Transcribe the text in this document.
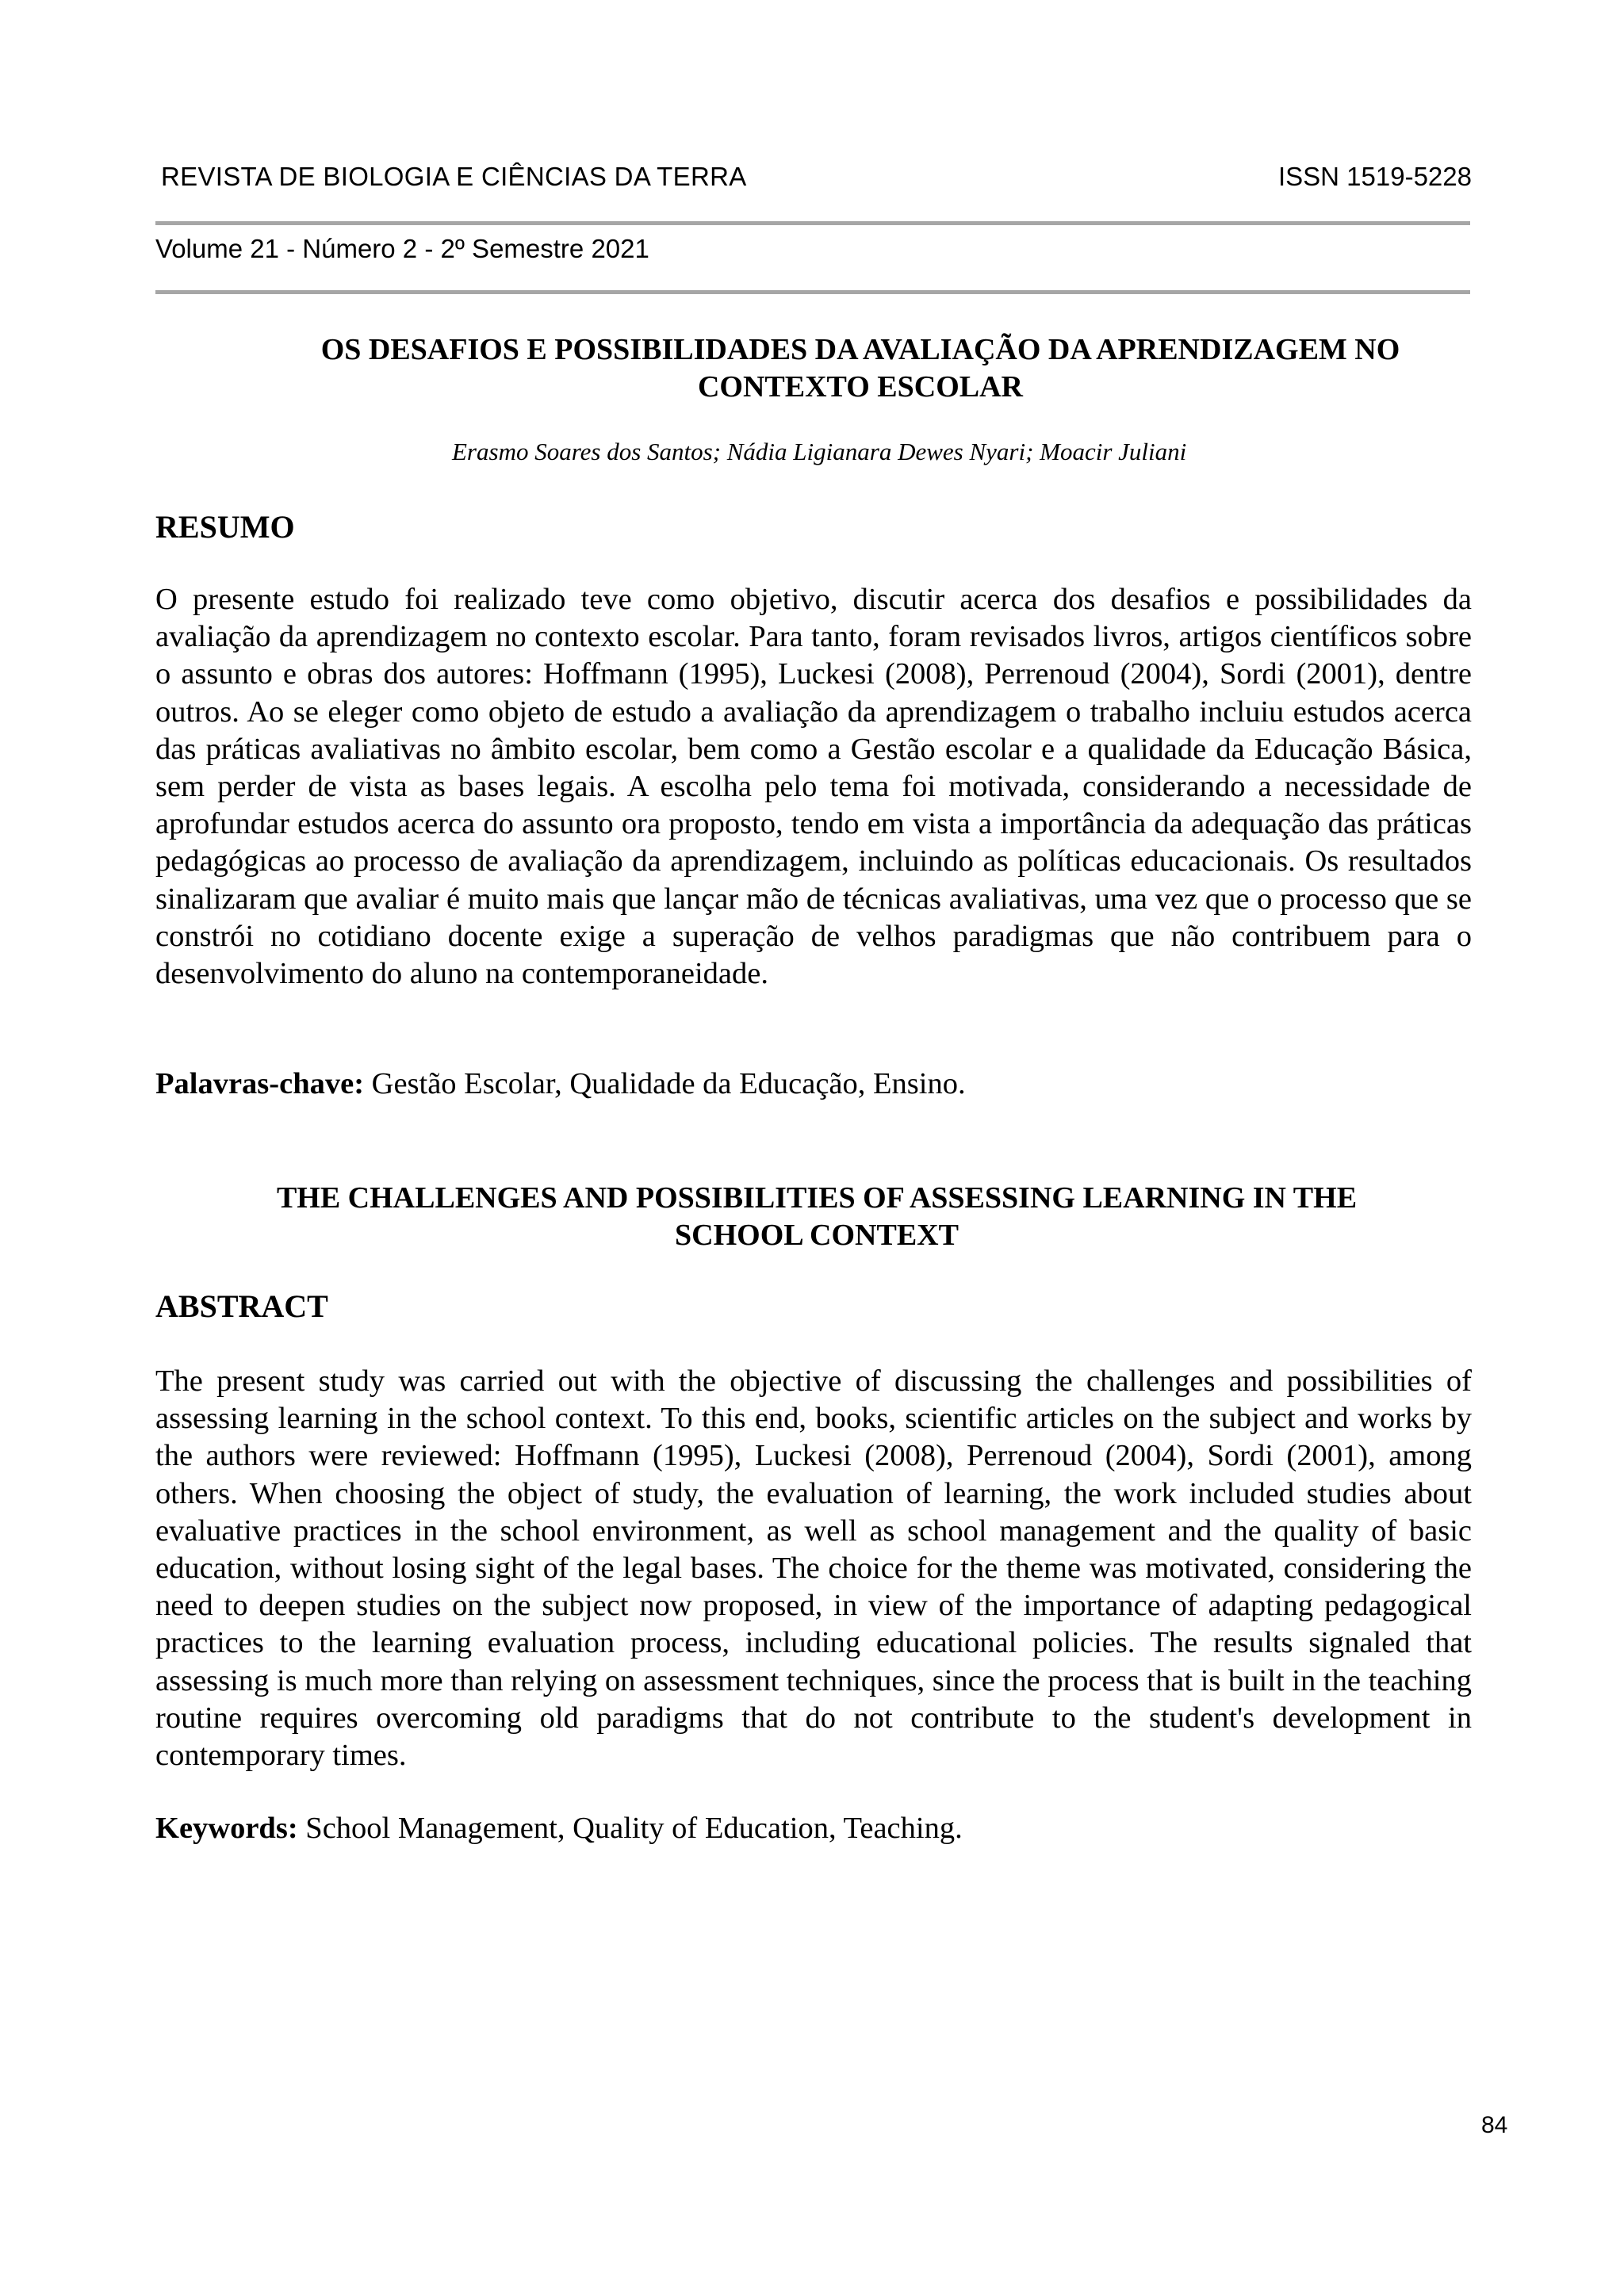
REVISTA DE BIOLOGIA E CIÊNCIAS DA TERRA	ISSN 1519-5228
Volume 21 - Número 2 - 2º Semestre 2021
OS DESAFIOS E POSSIBILIDADES DA AVALIAÇÃO DA APRENDIZAGEM NO
CONTEXTO ESCOLAR
Erasmo Soares dos Santos; Nádia Ligianara Dewes Nyari; Moacir Juliani
RESUMO

O presente estudo foi realizado teve como objetivo, discutir acerca dos desafios e possibilidades da avaliação da aprendizagem no contexto escolar. Para tanto, foram revisados livros, artigos científicos sobre o assunto e obras dos autores: Hoffmann (1995), Luckesi (2008), Perrenoud (2004), Sordi (2001), dentre outros. Ao se eleger como objeto de estudo a avaliação da aprendizagem o trabalho incluiu estudos acerca das práticas avaliativas no âmbito escolar, bem como a Gestão escolar e a qualidade da Educação Básica, sem perder de vista as bases legais. A escolha pelo tema foi motivada, considerando a necessidade de aprofundar estudos acerca do assunto ora proposto, tendo em vista a importância da adequação das práticas pedagógicas ao processo de avaliação da aprendizagem, incluindo as políticas educacionais. Os resultados sinalizaram que avaliar é muito mais que lançar mão de técnicas avaliativas, uma vez que o processo que se constrói no cotidiano docente exige a superação de velhos paradigmas que não contribuem para o desenvolvimento do aluno na contemporaneidade.

Palavras-chave: Gestão Escolar, Qualidade da Educação, Ensino.
THE CHALLENGES AND POSSIBILITIES OF ASSESSING LEARNING IN THE
SCHOOL CONTEXT
ABSTRACT

The present study was carried out with the objective of discussing the challenges and possibilities of assessing learning in the school context. To this end, books, scientific articles on the subject and works by the authors were reviewed: Hoffmann (1995), Luckesi (2008), Perrenoud (2004), Sordi (2001), among others. When choosing the object of study, the evaluation of learning, the work included studies about evaluative practices in the school environment, as well as school management and the quality of basic education, without losing sight of the legal bases. The choice for the theme was motivated, considering the need to deepen studies on the subject now proposed, in view of the importance of adapting pedagogical practices to the learning evaluation process, including educational policies. The results signaled that assessing is much more than relying on assessment techniques, since the process that is built in the teaching routine requires overcoming old paradigms that do not contribute to the student's development in contemporary times.

Keywords: School Management, Quality of Education, Teaching.
84
